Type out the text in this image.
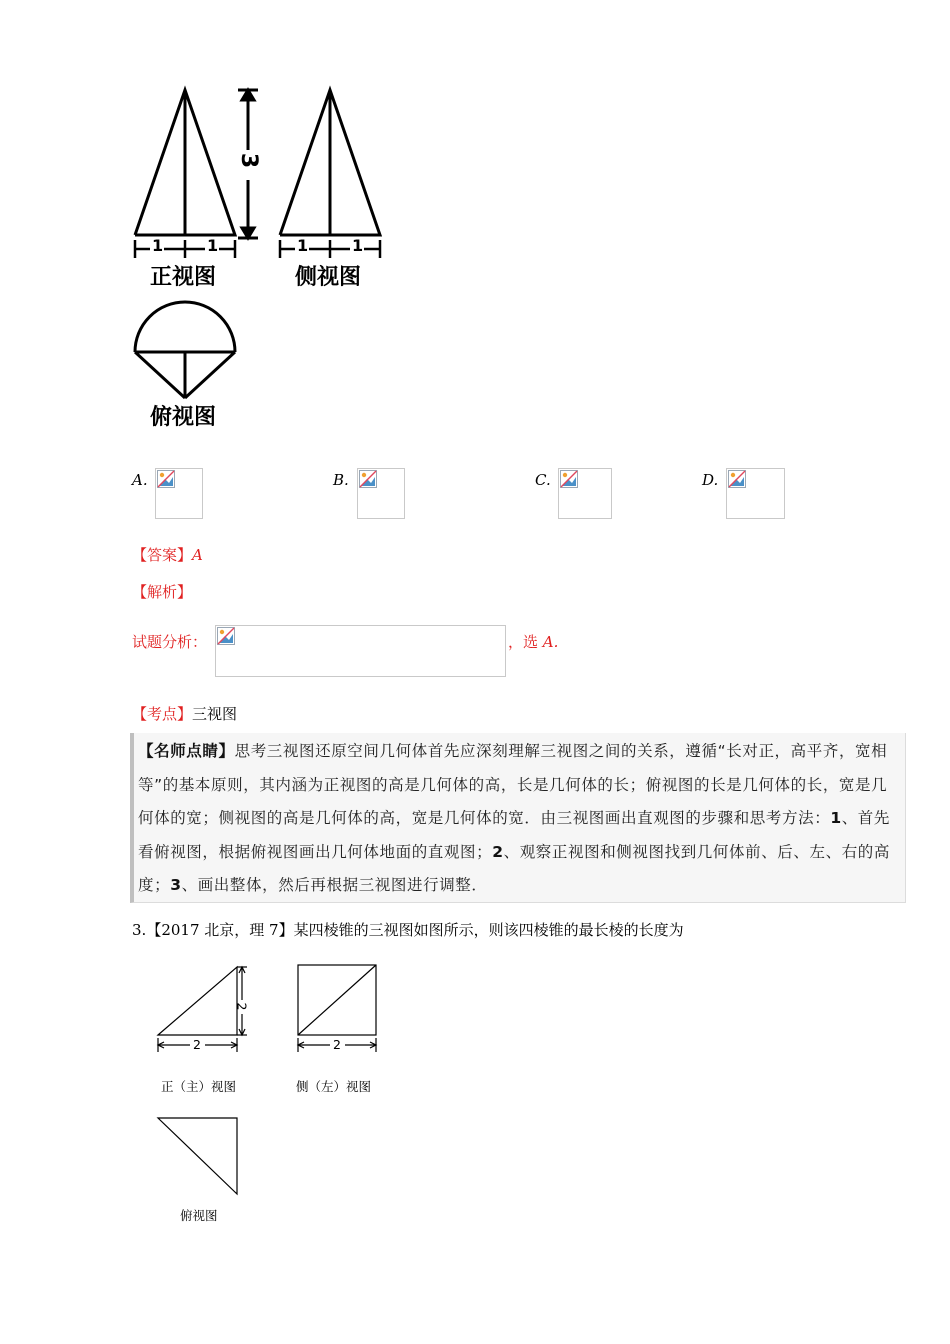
3
1	1	1	1
正视图	侧视图
俯视图
A.	B.	C.	D.
【答案】A
【解析】
试题分析：	，选 A.
【考点】三视图
【名师点睛】思考三视图还原空间几何体首先应深刻理解三视图之间的关系，遵循“长对正，高平齐，宽相等”的基本原则，其内涵为正视图的高是几何体的高，长是几何体的长；俯视图的长是几何体的长，宽是几何体的宽；侧视图的高是几何体的高，宽是几何体的宽．由三视图画出直观图的步骤和思考方法：1、首先看俯视图，根据俯视图画出几何体地面的直观图；2、观察正视图和侧视图找到几何体前、后、左、右的高度；3、画出整体，然后再根据三视图进行调整．
3.【2017 北京，理 7】某四棱锥的三视图如图所示，则该四棱锥的最长棱的长度为
2
2	2
正（主）视图	侧（左）视图
俯视图
